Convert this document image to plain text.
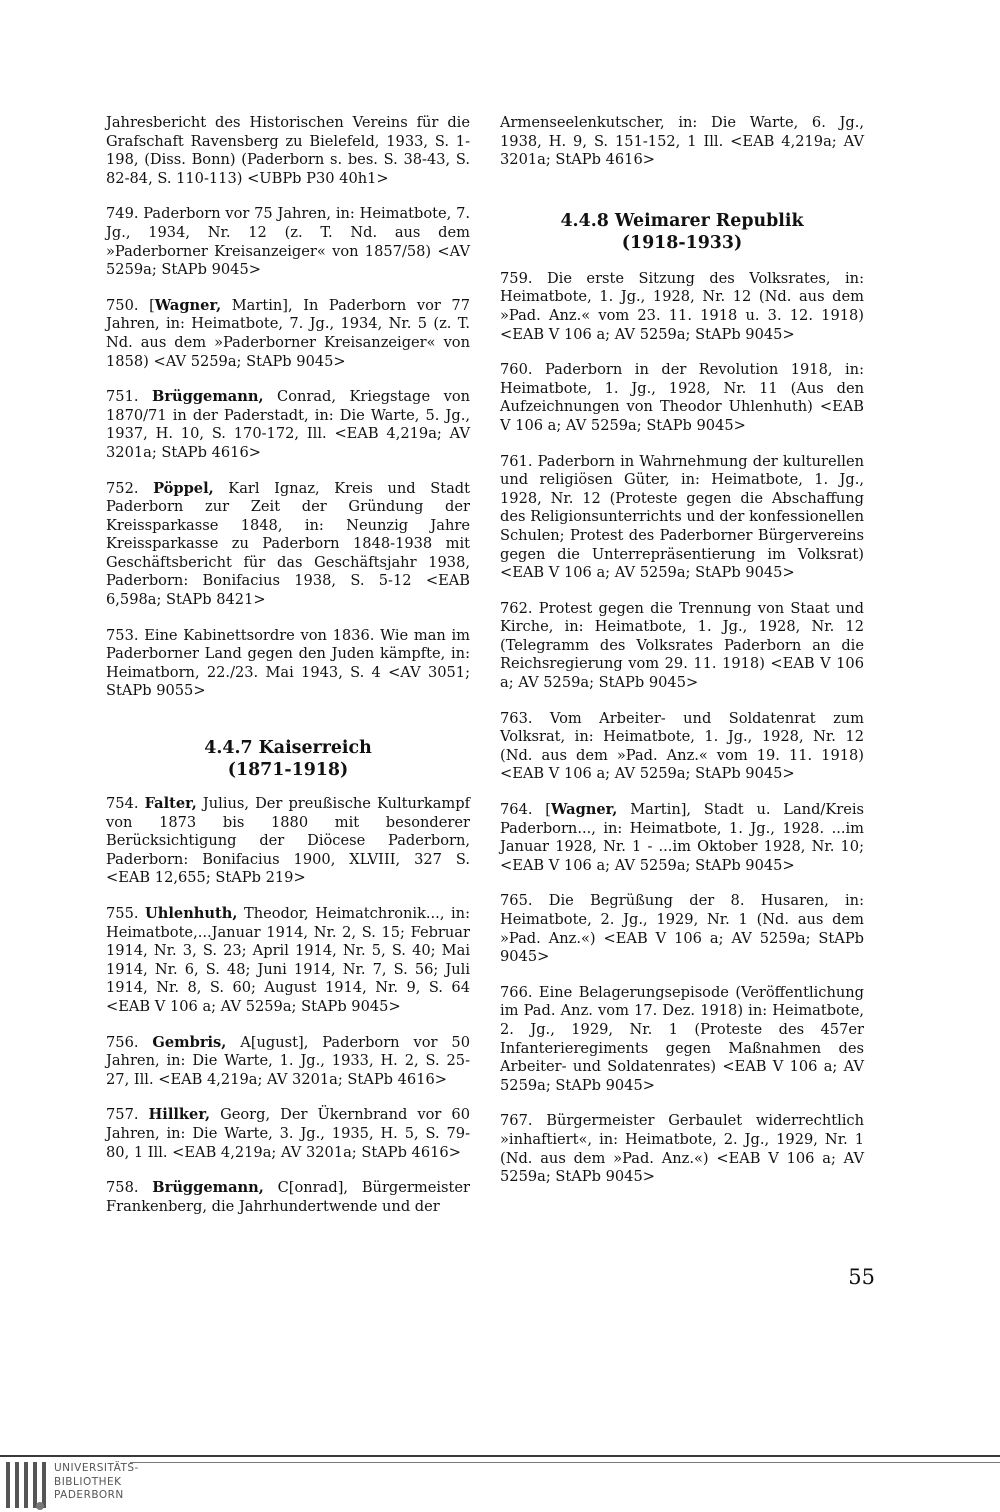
Jahresbericht des Historischen Vereins für die Grafschaft Ravensberg zu Bielefeld, 1933, S. 1-198, (Diss. Bonn) (Paderborn s. bes. S. 38-43, S. 82-84, S. 110-113) <UBPb P30 40h1>

749. Paderborn vor 75 Jahren, in: Heimatbote, 7. Jg., 1934, Nr. 12 (z. T. Nd. aus dem »Paderborner Kreisanzeiger« von 1857/58) <AV 5259a; StAPb 9045>

750. [Wagner, Martin], In Paderborn vor 77 Jahren, in: Heimatbote, 7. Jg., 1934, Nr. 5 (z. T. Nd. aus dem »Paderborner Kreisanzeiger« von 1858) <AV 5259a; StAPb 9045>

751. Brüggemann, Conrad, Kriegstage von 1870/71 in der Paderstadt, in: Die Warte, 5. Jg., 1937, H. 10, S. 170-172, Ill. <EAB 4,219a; AV 3201a; StAPb 4616>

752. Pöppel, Karl Ignaz, Kreis und Stadt Paderborn zur Zeit der Gründung der Kreissparkasse 1848, in: Neunzig Jahre Kreissparkasse zu Paderborn 1848-1938 mit Geschäftsbericht für das Geschäftsjahr 1938, Paderborn: Bonifacius 1938, S. 5-12 <EAB 6,598a; StAPb 8421>

753. Eine Kabinettsordre von 1836. Wie man im Paderborner Land gegen den Juden kämpfte, in: Heimatborn, 22./23. Mai 1943, S. 4 <AV 3051; StAPb 9055>

4.4.7 Kaiserreich
(1871-1918)

754. Falter, Julius, Der preußische Kulturkampf von 1873 bis 1880 mit besonderer Berücksichtigung der Diöcese Paderborn, Paderborn: Bonifacius 1900, XLVIII, 327 S. <EAB 12,655; StAPb 219>

755. Uhlenhuth, Theodor, Heimatchronik..., in: Heimatbote,...Januar 1914, Nr. 2, S. 15; Februar 1914, Nr. 3, S. 23; April 1914, Nr. 5, S. 40; Mai 1914, Nr. 6, S. 48; Juni 1914, Nr. 7, S. 56; Juli 1914, Nr. 8, S. 60; August 1914, Nr. 9, S. 64 <EAB V 106 a; AV 5259a; StAPb 9045>

756. Gembris, A[ugust], Paderborn vor 50 Jahren, in: Die Warte, 1. Jg., 1933, H. 2, S. 25-27, Ill. <EAB 4,219a; AV 3201a; StAPb 4616>

757. Hillker, Georg, Der Ükernbrand vor 60 Jahren, in: Die Warte, 3. Jg., 1935, H. 5, S. 79-80, 1 Ill. <EAB 4,219a; AV 3201a; StAPb 4616>

758. Brüggemann, C[onrad], Bürgermeister Frankenberg, die Jahrhundertwende und der

Armenseelenkutscher, in: Die Warte, 6. Jg., 1938, H. 9, S. 151-152, 1 Ill. <EAB 4,219a; AV 3201a; StAPb 4616>

4.4.8 Weimarer Republik
(1918-1933)

759. Die erste Sitzung des Volksrates, in: Heimatbote, 1. Jg., 1928, Nr. 12 (Nd. aus dem »Pad. Anz.« vom 23. 11. 1918 u. 3. 12. 1918) <EAB V 106 a; AV 5259a; StAPb 9045>

760. Paderborn in der Revolution 1918, in: Heimatbote, 1. Jg., 1928, Nr. 11 (Aus den Aufzeichnungen von Theodor Uhlenhuth) <EAB V 106 a; AV 5259a; StAPb 9045>

761. Paderborn in Wahrnehmung der kulturellen und religiösen Güter, in: Heimatbote, 1. Jg., 1928, Nr. 12 (Proteste gegen die Abschaffung des Religionsunterrichts und der konfessionellen Schulen; Protest des Paderborner Bürgervereins gegen die Unterrepräsentierung im Volksrat) <EAB V 106 a; AV 5259a; StAPb 9045>

762. Protest gegen die Trennung von Staat und Kirche, in: Heimatbote, 1. Jg., 1928, Nr. 12 (Telegramm des Volksrates Paderborn an die Reichsregierung vom 29. 11. 1918) <EAB V 106 a; AV 5259a; StAPb 9045>

763. Vom Arbeiter- und Soldatenrat zum Volksrat, in: Heimatbote, 1. Jg., 1928, Nr. 12 (Nd. aus dem »Pad. Anz.« vom 19. 11. 1918) <EAB V 106 a; AV 5259a; StAPb 9045>

764. [Wagner, Martin], Stadt u. Land/Kreis Paderborn..., in: Heimatbote, 1. Jg., 1928. ...im Januar 1928, Nr. 1 - ...im Oktober 1928, Nr. 10; <EAB V 106 a; AV 5259a; StAPb 9045>

765. Die Begrüßung der 8. Husaren, in: Heimatbote, 2. Jg., 1929, Nr. 1 (Nd. aus dem »Pad. Anz.«) <EAB V 106 a; AV 5259a; StAPb 9045>

766. Eine Belagerungsepisode (Veröffentlichung im Pad. Anz. vom 17. Dez. 1918) in: Heimatbote, 2. Jg., 1929, Nr. 1 (Proteste des 457er Infanterieregiments gegen Maßnahmen des Arbeiter- und Soldatenrates) <EAB V 106 a; AV 5259a; StAPb 9045>

767. Bürgermeister Gerbaulet widerrechtlich »inhaftiert«, in: Heimatbote, 2. Jg., 1929, Nr. 1 (Nd. aus dem »Pad. Anz.«) <EAB V 106 a; AV 5259a; StAPb 9045>

55
UNIVERSITÄTS-
BIBLIOTHEK
PADERBORN
